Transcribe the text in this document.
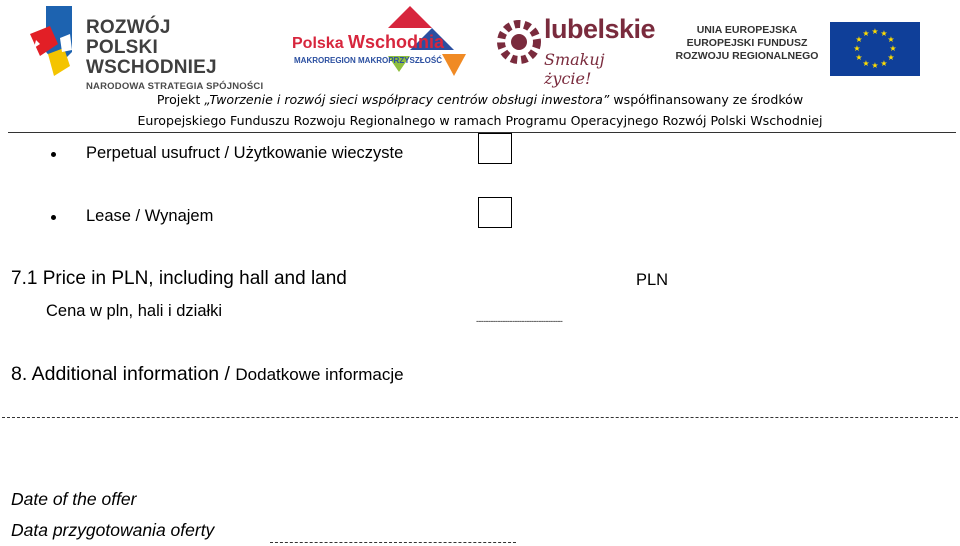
ROZWÓJ
POLSKI WSCHODNIEJ
NARODOWA STRATEGIA SPÓJNOŚCI
Polska Wschodnia
MAKROREGION MAKROPRZYSZŁOŚĆ
lubelskie
Smakuj życie!
UNIA EUROPEJSKA
EUROPEJSKI FUNDUSZ
ROZWOJU REGIONALNEGO
★ ★
★
★
★
★
★
★
★
★
★
★
Projekt „Tworzenie i rozwój sieci współpracy centrów obsługi inwestora” współfinansowany ze środków
Europejskiego Funduszu Rozwoju Regionalnego w ramach Programu Operacyjnego Rozwój Polski Wschodniej
Perpetual usufruct / Użytkowanie wieczyste
Lease / Wynajem
7.1 Price in PLN, including hall and land	PLN
Cena w pln, hali i działki
------------------------------------
8. Additional information / Dodatkowe informacje
Date of the offer
Data przygotowania oferty
